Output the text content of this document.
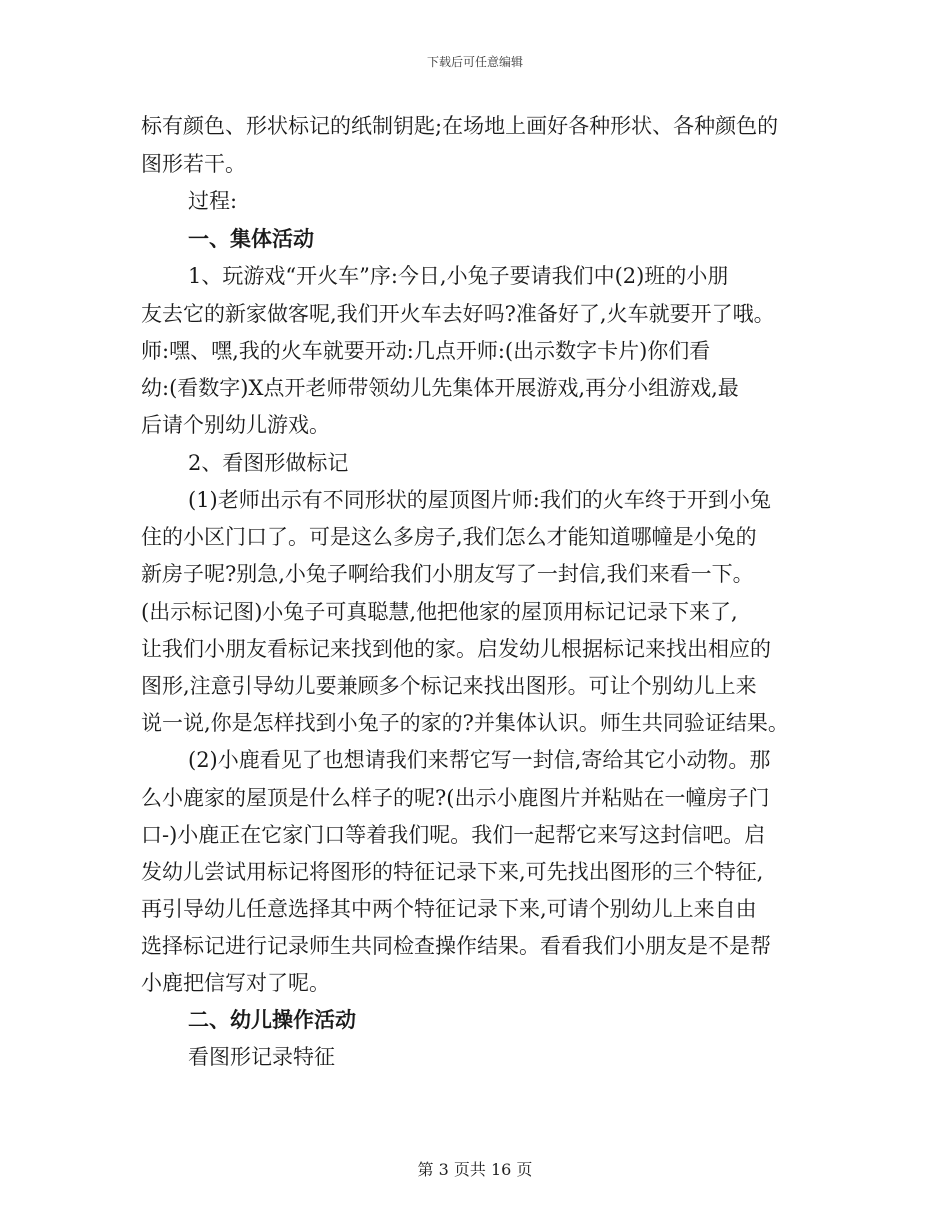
下载后可任意编辑
标有颜色、形状标记的纸制钥匙;在场地上画好各种形状、各种颜色的
图形若干。
过程:
一、集体活动
1、玩游戏“开火车”序:今日,小兔子要请我们中(2)班的小朋
友去它的新家做客呢,我们开火车去好吗?准备好了,火车就要开了哦。
师:嘿、嘿,我的火车就要开动:几点开师:(出示数字卡片)你们看
幼:(看数字)X点开老师带领幼儿先集体开展游戏,再分小组游戏,最
后请个别幼儿游戏。
2、看图形做标记
(1)老师出示有不同形状的屋顶图片师:我们的火车终于开到小兔
住的小区门口了。可是这么多房子,我们怎么才能知道哪幢是小兔的
新房子呢?别急,小兔子啊给我们小朋友写了一封信,我们来看一下。
(出示标记图)小兔子可真聪慧,他把他家的屋顶用标记记录下来了,
让我们小朋友看标记来找到他的家。启发幼儿根据标记来找出相应的
图形,注意引导幼儿要兼顾多个标记来找出图形。可让个别幼儿上来
说一说,你是怎样找到小兔子的家的?并集体认识。师生共同验证结果。
(2)小鹿看见了也想请我们来帮它写一封信,寄给其它小动物。那
么小鹿家的屋顶是什么样子的呢?(出示小鹿图片并粘贴在一幢房子门
口-)小鹿正在它家门口等着我们呢。我们一起帮它来写这封信吧。启
发幼儿尝试用标记将图形的特征记录下来,可先找出图形的三个特征,
再引导幼儿任意选择其中两个特征记录下来,可请个别幼儿上来自由
选择标记进行记录师生共同检查操作结果。看看我们小朋友是不是帮
小鹿把信写对了呢。
二、幼儿操作活动
看图形记录特征
第 3 页共 16 页
